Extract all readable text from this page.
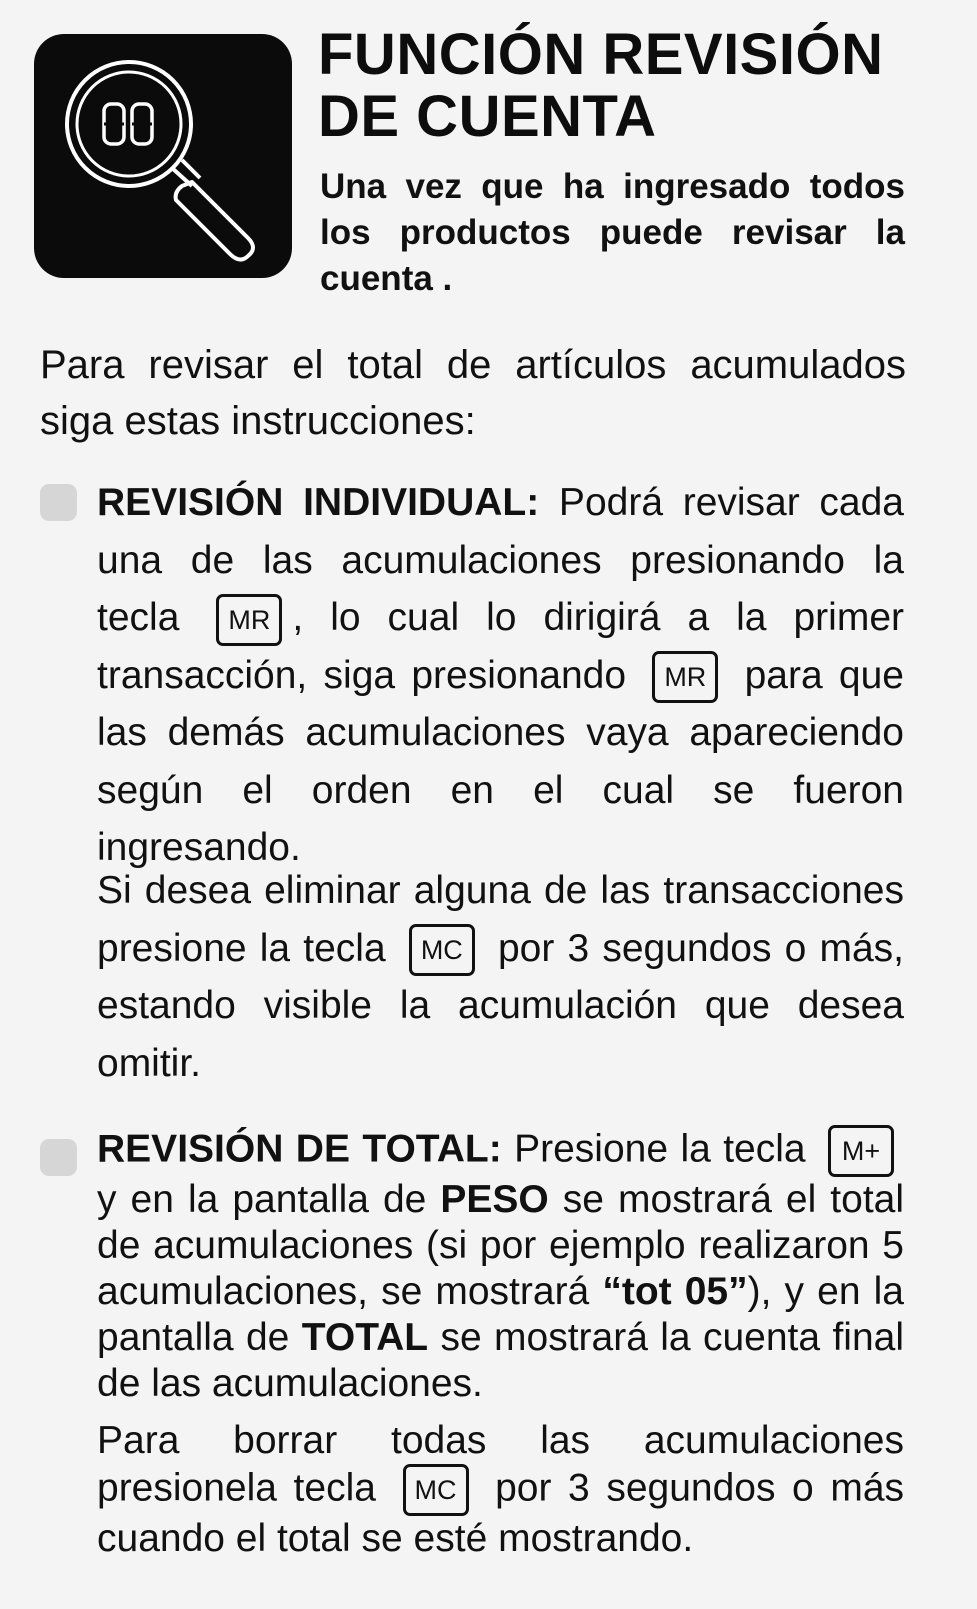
FUNCIÓN REVISIÓN
DE CUENTA

Una vez que ha ingresado todos los productos puede revisar la cuenta .

Para revisar el total de artículos acumulados siga estas instrucciones:

REVISIÓN INDIVIDUAL: Podrá revisar cada una de las acumulaciones presionando la tecla MR , lo cual lo dirigirá a la primer transacción, siga presionando MR para que las demás acumulaciones vaya apareciendo según el orden en el cual se fueron ingresando.

Si desea eliminar alguna de las transacciones presione la tecla MC por 3 segundos o más, estando visible la acumulación que desea omitir.

REVISIÓN DE TOTAL: Presione la tecla M+ y en la pantalla de PESO se mostrará el total de acumulaciones (si por ejemplo realizaron 5 acumulaciones, se mostrará “tot 05”), y en la pantalla de TOTAL se mostrará la cuenta final de las acumulaciones.

Para borrar todas las acumulaciones presionela tecla MC por 3 segundos o más cuando el total se esté mostrando.
